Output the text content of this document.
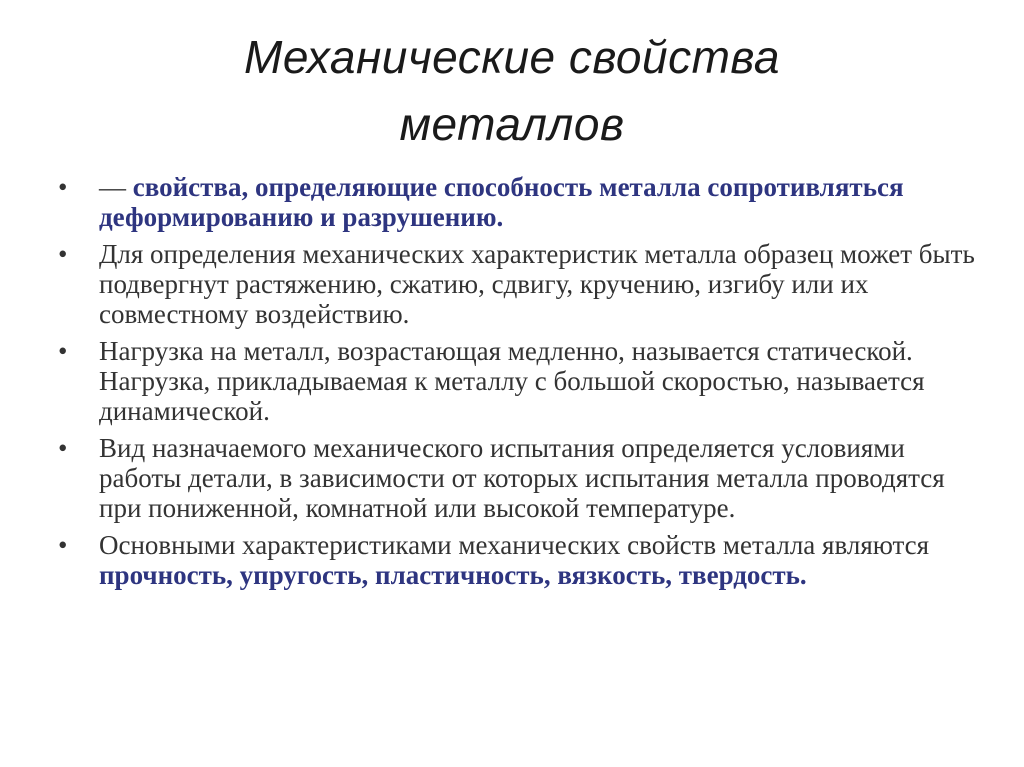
Механические свойства
металлов
• — свойства, определяющие способность металла сопротивляться деформированию и разрушению.
• Для определения механических характеристик металла образец может быть подвергнут растяжению, сжатию, сдвигу, кручению, изгибу или их совместному воздействию.
• Нагрузка на металл, возрастающая медленно, называется статической. Нагрузка, прикладываемая к металлу с большой скоростью, называется динамической.
• Вид назначаемого механического испытания определяется условиями работы детали, в зависимости от которых испытания металла проводятся при пониженной, комнатной или высокой температуре.
• Основными характеристиками механических свойств металла являются прочность, упругость, пластичность, вязкость, твердость.
